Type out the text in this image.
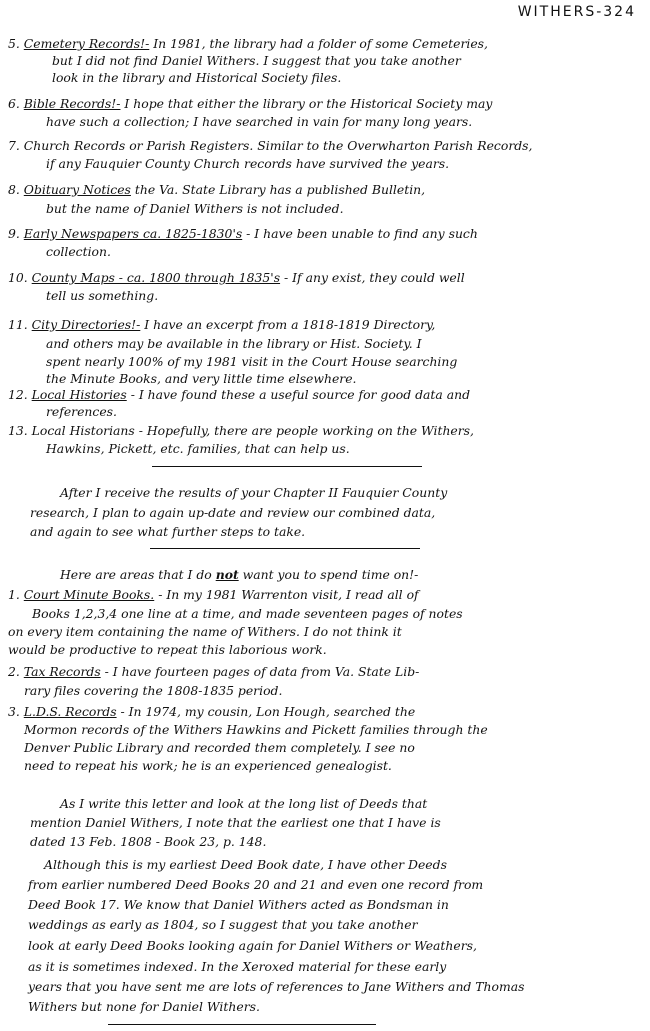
WITHERS-324
5. Cemetery Records!- In 1981, the library had a folder of some Cemeteries,
but I did not find Daniel Withers. I suggest that you take another
look in the library and Historical Society files.
6. Bible Records!- I hope that either the library or the Historical Society may
have such a collection; I have searched in vain for many long years.
7. Church Records or Parish Registers. Similar to the Overwharton Parish Records,
if any Fauquier County Church records have survived the years.
8. Obituary Notices the Va. State Library has a published Bulletin,
but the name of Daniel Withers is not included.
9. Early Newspapers ca. 1825-1830's - I have been unable to find any such
collection.
10. County Maps - ca. 1800 through 1835's - If any exist, they could well
tell us something.
11. City Directories!- I have an excerpt from a 1818-1819 Directory,
and others may be available in the library or Hist. Society. I
spent nearly 100% of my 1981 visit in the Court House searching
the Minute Books, and very little time elsewhere.
12. Local Histories - I have found these a useful source for good data and
references.
13. Local Historians - Hopefully, there are people working on the Withers,
Hawkins, Pickett, etc. families, that can help us.
After I receive the results of your Chapter II Fauquier County
research, I plan to again up-date and review our combined data,
and again to see what further steps to take.
Here are areas that I do not want you to spend time on!-
1. Court Minute Books. - In my 1981 Warrenton visit, I read all of
Books 1,2,3,4 one line at a time, and made seventeen pages of notes
on every item containing the name of Withers. I do not think it
would be productive to repeat this laborious work.
2. Tax Records - I have fourteen pages of data from Va. State Lib-
rary files covering the 1808-1835 period.
3. L.D.S. Records - In 1974, my cousin, Lon Hough, searched the
Mormon records of the Withers Hawkins and Pickett families through the
Denver Public Library and recorded them completely. I see no
need to repeat his work; he is an experienced genealogist.
As I write this letter and look at the long list of Deeds that
mention Daniel Withers, I note that the earliest one that I have is
dated 13 Feb. 1808 - Book 23, p. 148.
Although this is my earliest Deed Book date, I have other Deeds
from earlier numbered Deed Books 20 and 21 and even one record from
Deed Book 17. We know that Daniel Withers acted as Bondsman in
weddings as early as 1804, so I suggest that you take another
look at early Deed Books looking again for Daniel Withers or Weathers,
as it is sometimes indexed. In the Xeroxed material for these early
years that you have sent me are lots of references to Jane Withers and Thomas
Withers but none for Daniel Withers.
